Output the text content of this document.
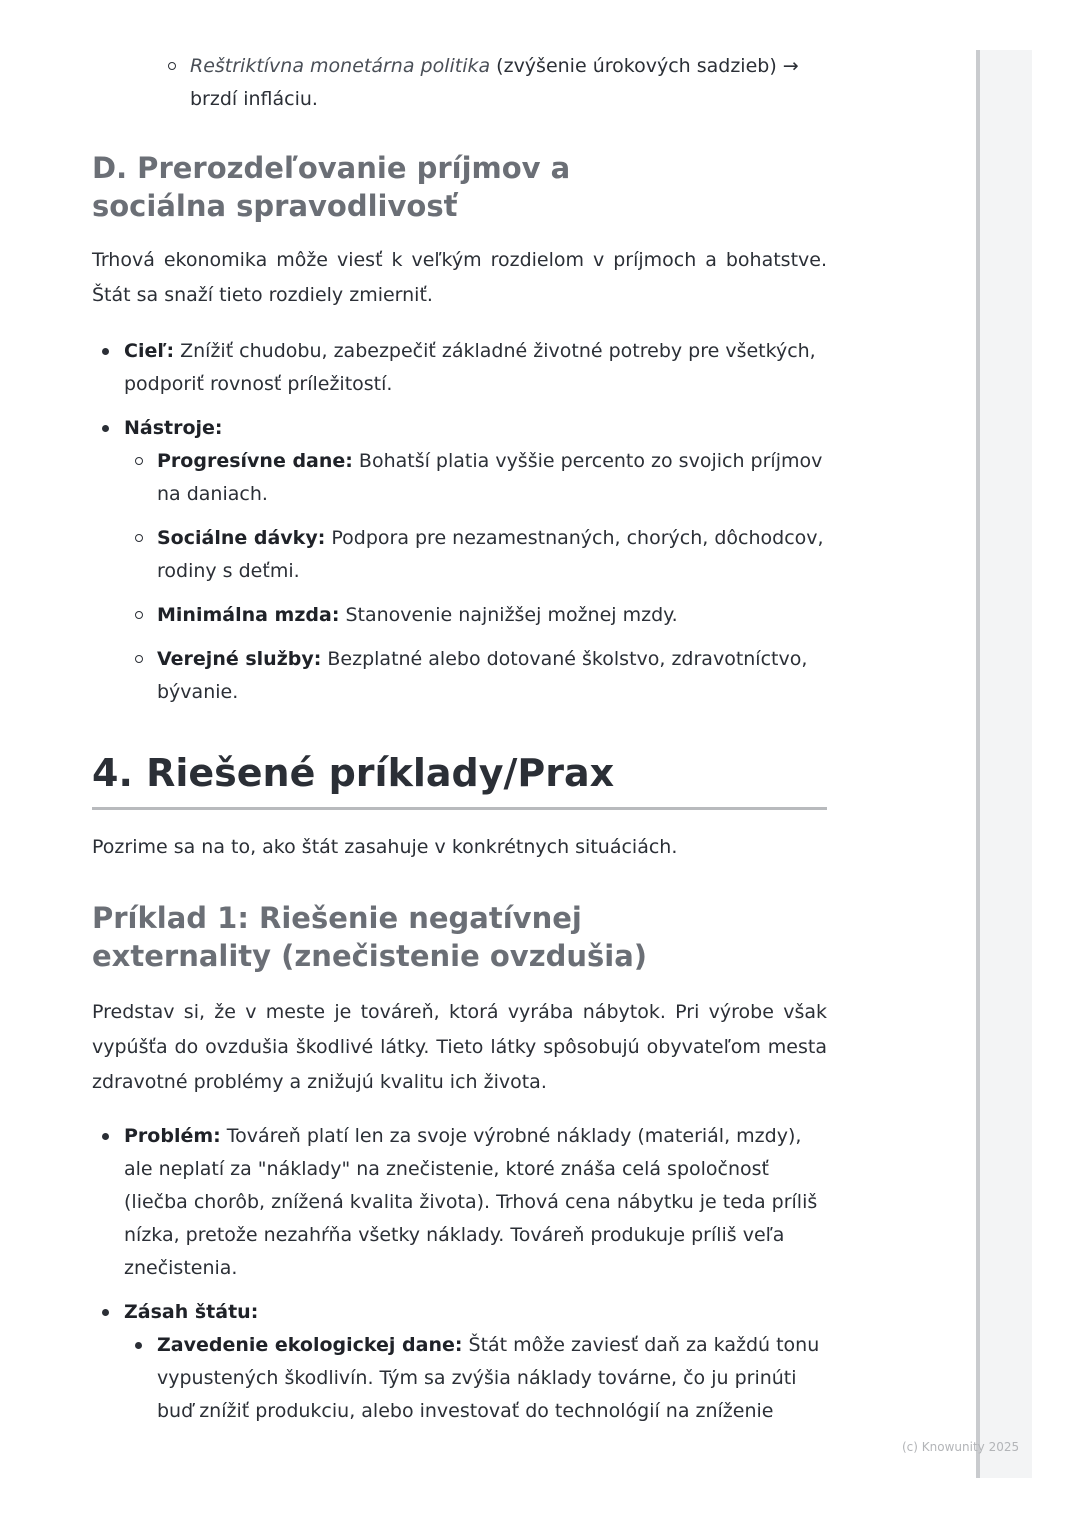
Reštriktívna monetárna politika (zvýšenie úrokových sadzieb) → brzdí infláciu.
D. Prerozdeľovanie príjmov a sociálna spravodlivosť

Trhová ekonomika môže viesť k veľkým rozdielom v príjmoch a bohatstve. Štát sa snaží tieto rozdiely zmierniť.

Cieľ: Znížiť chudobu, zabezpečiť základné životné potreby pre všetkých, podporiť rovnosť príležitostí.
Nástroje:
Progresívne dane: Bohatší platia vyššie percento zo svojich príjmov na daniach.
Sociálne dávky: Podpora pre nezamestnaných, chorých, dôchodcov, rodiny s deťmi.
Minimálna mzda: Stanovenie najnižšej možnej mzdy.
Verejné služby: Bezplatné alebo dotované školstvo, zdravotníctvo, bývanie.
4. Riešené príklady/Prax

Pozrime sa na to, ako štát zasahuje v konkrétnych situáciách.

Príklad 1: Riešenie negatívnej externality (znečistenie ovzdušia)

Predstav si, že v meste je továreň, ktorá vyrába nábytok. Pri výrobe však vypúšťa do ovzdušia škodlivé látky. Tieto látky spôsobujú obyvateľom mesta zdravotné problémy a znižujú kvalitu ich života.

Problém: Továreň platí len za svoje výrobné náklady (materiál, mzdy), ale neplatí za "náklady" na znečistenie, ktoré znáša celá spoločnosť (liečba chorôb, znížená kvalita života). Trhová cena nábytku je teda príliš nízka, pretože nezahŕňa všetky náklady. Továreň produkuje príliš veľa znečistenia.
Zásah štátu:
Zavedenie ekologickej dane: Štát môže zaviesť daň za každú tonu vypustených škodlivín. Tým sa zvýšia náklady továrne, čo ju prinúti buď znížiť produkciu, alebo investovať do technológií na zníženie
(c) Knowunity 2025
